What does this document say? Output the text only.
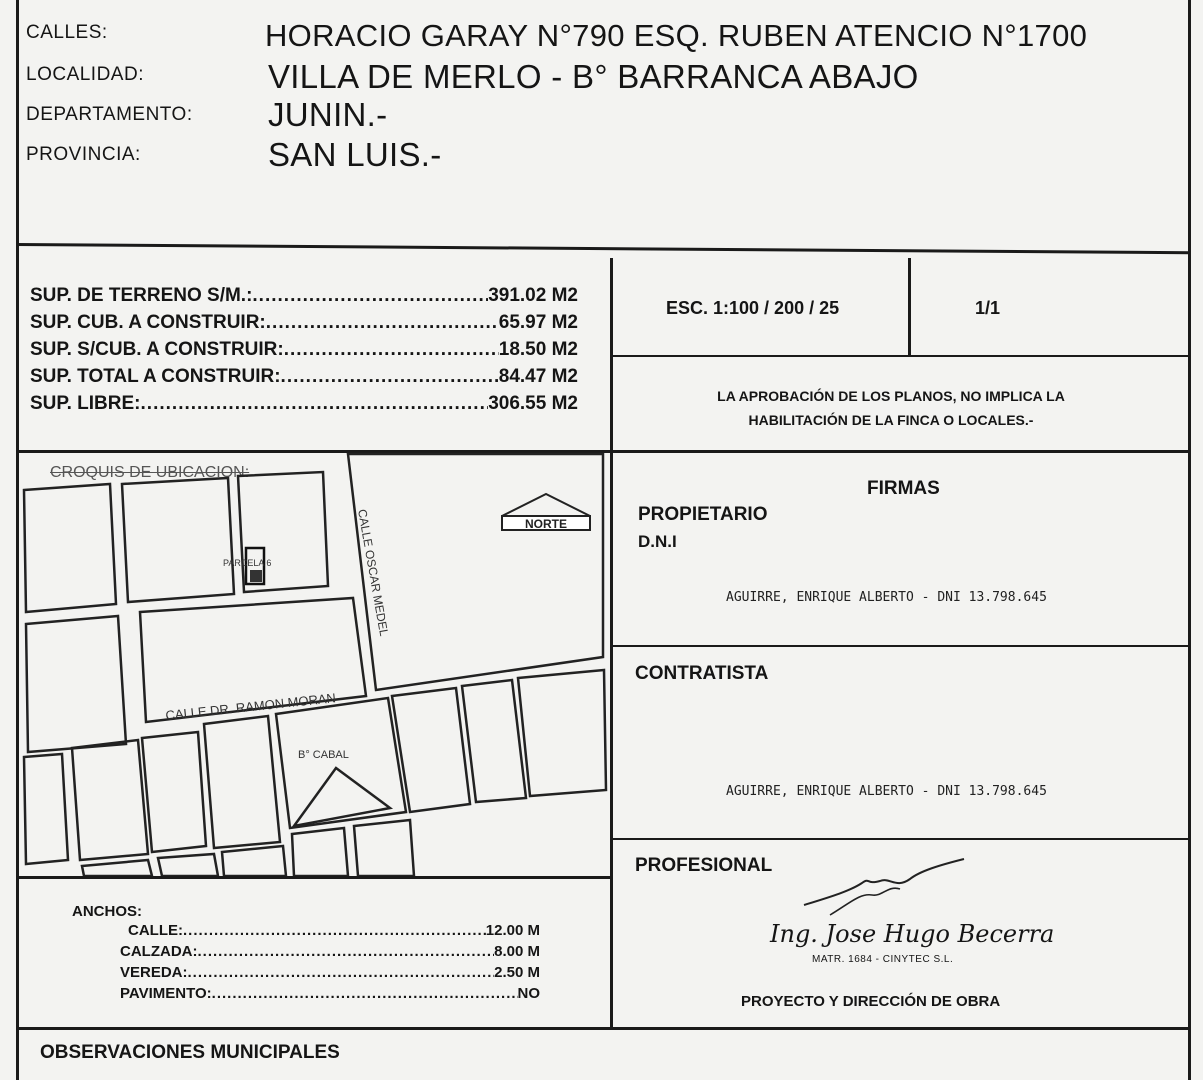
CALLES:	HORACIO GARAY N°790 ESQ. RUBEN ATENCIO N°1700
LOCALIDAD:	VILLA DE MERLO - B° BARRANCA ABAJO
DEPARTAMENTO: JUNIN.-
PROVINCIA:	SAN LUIS.-
SUP. DE TERRENO S/M.: .....	391.02 M2
SUP. CUB. A CONSTRUIR: .....	65.97 M2
SUP. S/CUB. A CONSTRUIR: .....	18.50 M2
SUP. TOTAL A CONSTRUIR: .....	84.47 M2
SUP. LIBRE: .....	306.55 M2
ESC. 1:100 / 200 / 25	1/1
LA APROBACIÓN DE LOS PLANOS, NO IMPLICA LA
HABILITACIÓN DE LA FINCA O LOCALES.-
CROQUIS DE UBICACION:
NORTE
PARCELA 6	CALLE OSCAR MEDEL
CALLE DR. RAMON MORAN
B° CABAL
FIRMAS
PROPIETARIO
D.N.I
AGUIRRE, ENRIQUE ALBERTO - DNI 13.798.645
CONTRATISTA
AGUIRRE, ENRIQUE ALBERTO - DNI 13.798.645
PROFESIONAL
Ing. Jose Hugo Becerra
MATR. 1684 - CINYTEC S.L.
PROYECTO Y DIRECCIÓN DE OBRA
ANCHOS:
CALLE: .....	12.00 M
CALZADA: .....	8.00 M
VEREDA: .....	2.50 M
PAVIMENTO: .....	NO
OBSERVACIONES MUNICIPALES
